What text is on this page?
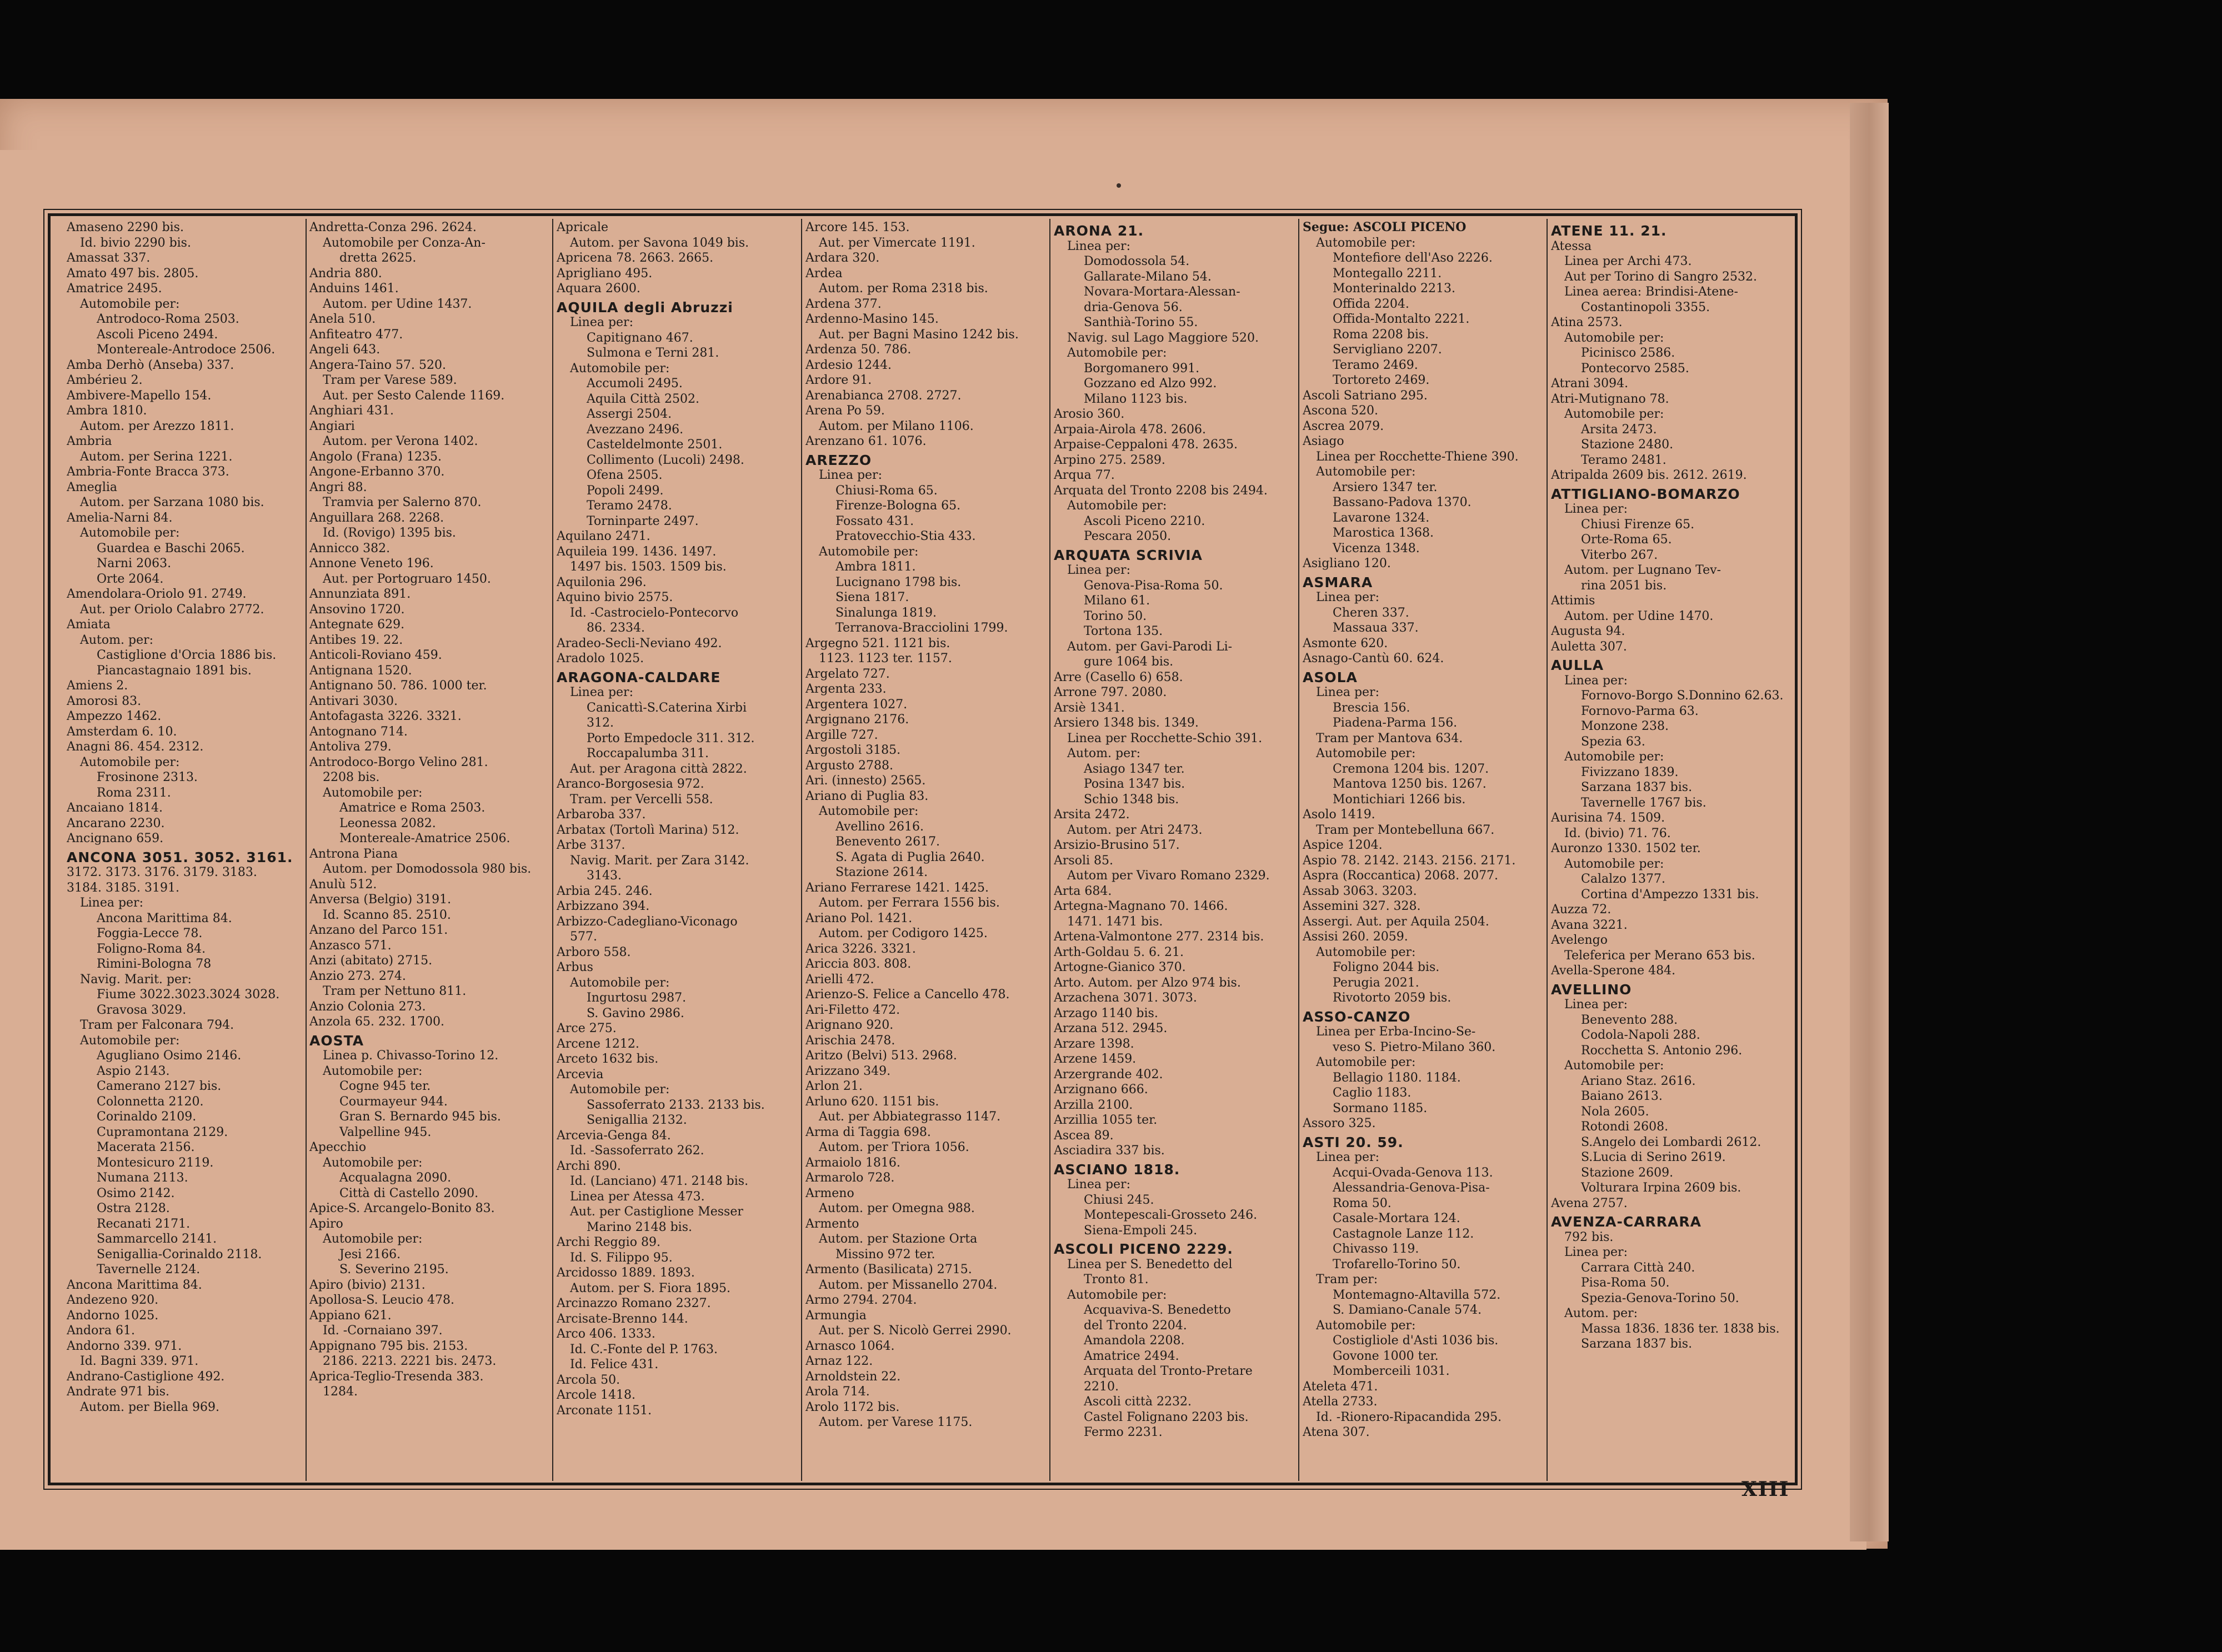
Amaseno 2290 bis.
Id. bivio 2290 bis.
Amassat 337.
Amato 497 bis. 2805.
Amatrice 2495.
Automobile per:
Antrodoco-Roma 2503.
Ascoli Piceno 2494.
Montereale-Antrodoce 2506.
Amba Derhò (Anseba) 337.
Ambérieu 2.
Ambivere-Mapello 154.
Ambra 1810.
Autom. per Arezzo 1811.
Ambria
Autom. per Serina 1221.
Ambria-Fonte Bracca 373.
Ameglia
Autom. per Sarzana 1080 bis.
Amelia-Narni 84.
Automobile per:
Guardea e Baschi 2065.
Narni 2063.
Orte 2064.
Amendolara-Oriolo 91. 2749.
Aut. per Oriolo Calabro 2772.
Amiata
Autom. per:
Castiglione d'Orcia 1886 bis.
Piancastagnaio 1891 bis.
Amiens 2.
Amorosi 83.
Ampezzo 1462.
Amsterdam 6. 10.
Anagni 86. 454. 2312.
Automobile per:
Frosinone 2313.
Roma 2311.
Ancaiano 1814.
Ancarano 2230.
Ancignano 659.
ANCONA 3051. 3052. 3161.
3172. 3173. 3176. 3179. 3183.
3184. 3185. 3191.
Linea per:
Ancona Marittima 84.
Foggia-Lecce 78.
Foligno-Roma 84.
Rimini-Bologna 78
Navig. Marit. per:
Fiume 3022.3023.3024 3028.
Gravosa 3029.
Tram per Falconara 794.
Automobile per:
Agugliano Osimo 2146.
Aspio 2143.
Camerano 2127 bis.
Colonnetta 2120.
Corinaldo 2109.
Cupramontana 2129.
Macerata 2156.
Montesicuro 2119.
Numana 2113.
Osimo 2142.
Ostra 2128.
Recanati 2171.
Sammarcello 2141.
Senigallia-Corinaldo 2118.
Tavernelle 2124.
Ancona Marittima 84.
Andezeno 920.
Andorno 1025.
Andora 61.
Andorno 339. 971.
Id. Bagni 339. 971.
Andrano-Castiglione 492.
Andrate 971 bis.
Autom. per Biella 969.
Andretta-Conza 296. 2624.
Automobile per Conza-An-
dretta 2625.
Andria 880.
Anduins 1461.
Autom. per Udine 1437.
Anela 510.
Anfiteatro 477.
Angeli 643.
Angera-Taino 57. 520.
Tram per Varese 589.
Aut. per Sesto Calende 1169.
Anghiari 431.
Angiari
Autom. per Verona 1402.
Angolo (Frana) 1235.
Angone-Erbanno 370.
Angri 88.
Tramvia per Salerno 870.
Anguillara 268. 2268.
Id. (Rovigo) 1395 bis.
Annicco 382.
Annone Veneto 196.
Aut. per Portogruaro 1450.
Annunziata 891.
Ansovino 1720.
Antegnate 629.
Antibes 19. 22.
Anticoli-Roviano 459.
Antignana 1520.
Antignano 50. 786. 1000 ter.
Antivari 3030.
Antofagasta 3226. 3321.
Antognano 714.
Antoliva 279.
Antrodoco-Borgo Velino 281.
2208 bis.
Automobile per:
Amatrice e Roma 2503.
Leonessa 2082.
Montereale-Amatrice 2506.
Antrona Piana
Autom. per Domodossola 980 bis.
Anulù 512.
Anversa (Belgio) 3191.
Id. Scanno 85. 2510.
Anzano del Parco 151.
Anzasco 571.
Anzi (abitato) 2715.
Anzio 273. 274.
Tram per Nettuno 811.
Anzio Colonia 273.
Anzola 65. 232. 1700.
AOSTA
Linea p. Chivasso-Torino 12.
Automobile per:
Cogne 945 ter.
Courmayeur 944.
Gran S. Bernardo 945 bis.
Valpelline 945.
Apecchio
Automobile per:
Acqualagna 2090.
Città di Castello 2090.
Apice-S. Arcangelo-Bonito 83.
Apiro
Automobile per:
Jesi 2166.
S. Severino 2195.
Apiro (bivio) 2131.
Apollosa-S. Leucio 478.
Appiano 621.
Id. -Cornaiano 397.
Appignano 795 bis. 2153.
2186. 2213. 2221 bis. 2473.
Aprica-Teglio-Tresenda 383.
1284.
Apricale
Autom. per Savona 1049 bis.
Apricena 78. 2663. 2665.
Aprigliano 495.
Aquara 2600.
AQUILA degli Abruzzi
Linea per:
Capitignano 467.
Sulmona e Terni 281.
Automobile per:
Accumoli 2495.
Aquila Città 2502.
Assergi 2504.
Avezzano 2496.
Casteldelmonte 2501.
Collimento (Lucoli) 2498.
Ofena 2505.
Popoli 2499.
Teramo 2478.
Torninparte 2497.
Aquilano 2471.
Aquileia 199. 1436. 1497.
1497 bis. 1503. 1509 bis.
Aquilonia 296.
Aquino bivio 2575.
Id. -Castrocielo-Pontecorvo
86. 2334.
Aradeo-Secli-Neviano 492.
Aradolo 1025.
ARAGONA-CALDARE
Linea per:
Canicattì-S.Caterina Xirbi
312.
Porto Empedocle 311. 312.
Roccapalumba 311.
Aut. per Aragona città 2822.
Aranco-Borgosesia 972.
Tram. per Vercelli 558.
Arbaroba 337.
Arbatax (Tortolì Marina) 512.
Arbe 3137.
Navig. Marit. per Zara 3142.
3143.
Arbia 245. 246.
Arbizzano 394.
Arbizzo-Cadegliano-Viconago
577.
Arboro 558.
Arbus
Automobile per:
Ingurtosu 2987.
S. Gavino 2986.
Arce 275.
Arcene 1212.
Arceto 1632 bis.
Arcevia
Automobile per:
Sassoferrato 2133. 2133 bis.
Senigallia 2132.
Arcevia-Genga 84.
Id. -Sassoferrato 262.
Archi 890.
Id. (Lanciano) 471. 2148 bis.
Linea per Atessa 473.
Aut. per Castiglione Messer
Marino 2148 bis.
Archi Reggio 89.
Id. S. Filippo 95.
Arcidosso 1889. 1893.
Autom. per S. Fiora 1895.
Arcinazzo Romano 2327.
Arcisate-Brenno 144.
Arco 406. 1333.
Id. C.-Fonte del P. 1763.
Id. Felice 431.
Arcola 50.
Arcole 1418.
Arconate 1151.
Arcore 145. 153.
Aut. per Vimercate 1191.
Ardara 320.
Ardea
Autom. per Roma 2318 bis.
Ardena 377.
Ardenno-Masino 145.
Aut. per Bagni Masino 1242 bis.
Ardenza 50. 786.
Ardesio 1244.
Ardore 91.
Arenabianca 2708. 2727.
Arena Po 59.
Autom. per Milano 1106.
Arenzano 61. 1076.
AREZZO
Linea per:
Chiusi-Roma 65.
Firenze-Bologna 65.
Fossato 431.
Pratovecchio-Stia 433.
Automobile per:
Ambra 1811.
Lucignano 1798 bis.
Siena 1817.
Sinalunga 1819.
Terranova-Bracciolini 1799.
Argegno 521. 1121 bis.
1123. 1123 ter. 1157.
Argelato 727.
Argenta 233.
Argentera 1027.
Argignano 2176.
Argille 727.
Argostoli 3185.
Argusto 2788.
Ari. (innesto) 2565.
Ariano di Puglia 83.
Automobile per:
Avellino 2616.
Benevento 2617.
S. Agata di Puglia 2640.
Stazione 2614.
Ariano Ferrarese 1421. 1425.
Autom. per Ferrara 1556 bis.
Ariano Pol. 1421.
Autom. per Codigoro 1425.
Arica 3226. 3321.
Ariccia 803. 808.
Arielli 472.
Arienzo-S. Felice a Cancello 478.
Ari-Filetto 472.
Arignano 920.
Arischia 2478.
Aritzo (Belvi) 513. 2968.
Arizzano 349.
Arlon 21.
Arluno 620. 1151 bis.
Aut. per Abbiategrasso 1147.
Arma di Taggia 698.
Autom. per Triora 1056.
Armaiolo 1816.
Armarolo 728.
Armeno
Autom. per Omegna 988.
Armento
Autom. per Stazione Orta
Missino 972 ter.
Armento (Basilicata) 2715.
Autom. per Missanello 2704.
Armo 2794. 2704.
Armungia
Aut. per S. Nicolò Gerrei 2990.
Arnasco 1064.
Arnaz 122.
Arnoldstein 22.
Arola 714.
Arolo 1172 bis.
Autom. per Varese 1175.
ARONA 21.
Linea per:
Domodossola 54.
Gallarate-Milano 54.
Novara-Mortara-Alessan-
dria-Genova 56.
Santhià-Torino 55.
Navig. sul Lago Maggiore 520.
Automobile per:
Borgomanero 991.
Gozzano ed Alzo 992.
Milano 1123 bis.
Arosio 360.
Arpaia-Airola 478. 2606.
Arpaise-Ceppaloni 478. 2635.
Arpino 275. 2589.
Arqua 77.
Arquata del Tronto 2208 bis 2494.
Automobile per:
Ascoli Piceno 2210.
Pescara 2050.
ARQUATA SCRIVIA
Linea per:
Genova-Pisa-Roma 50.
Milano 61.
Torino 50.
Tortona 135.
Autom. per Gavi-Parodi Li-
gure 1064 bis.
Arre (Casello 6) 658.
Arrone 797. 2080.
Arsiè 1341.
Arsiero 1348 bis. 1349.
Linea per Rocchette-Schio 391.
Autom. per:
Asiago 1347 ter.
Posina 1347 bis.
Schio 1348 bis.
Arsita 2472.
Autom. per Atri 2473.
Arsizio-Brusino 517.
Arsoli 85.
Autom per Vivaro Romano 2329.
Arta 684.
Artegna-Magnano 70. 1466.
1471. 1471 bis.
Artena-Valmontone 277. 2314 bis.
Arth-Goldau 5. 6. 21.
Artogne-Gianico 370.
Arto. Autom. per Alzo 974 bis.
Arzachena 3071. 3073.
Arzago 1140 bis.
Arzana 512. 2945.
Arzare 1398.
Arzene 1459.
Arzergrande 402.
Arzignano 666.
Arzilla 2100.
Arzillia 1055 ter.
Ascea 89.
Asciadira 337 bis.
ASCIANO 1818.
Linea per:
Chiusi 245.
Montepescali-Grosseto 246.
Siena-Empoli 245.
ASCOLI PICENO 2229.
Linea per S. Benedetto del
Tronto 81.
Automobile per:
Acquaviva-S. Benedetto
del Tronto 2204.
Amandola 2208.
Amatrice 2494.
Arquata del Tronto-Pretare
2210.
Ascoli città 2232.
Castel Folignano 2203 bis.
Fermo 2231.
Segue: ASCOLI PICENO
Automobile per:
Montefiore dell'Aso 2226.
Montegallo 2211.
Monterinaldo 2213.
Offida 2204.
Offida-Montalto 2221.
Roma 2208 bis.
Servigliano 2207.
Teramo 2469.
Tortoreto 2469.
Ascoli Satriano 295.
Ascona 520.
Ascrea 2079.
Asiago
Linea per Rocchette-Thiene 390.
Automobile per:
Arsiero 1347 ter.
Bassano-Padova 1370.
Lavarone 1324.
Marostica 1368.
Vicenza 1348.
Asigliano 120.
ASMARA
Linea per:
Cheren 337.
Massaua 337.
Asmonte 620.
Asnago-Cantù 60. 624.
ASOLA
Linea per:
Brescia 156.
Piadena-Parma 156.
Tram per Mantova 634.
Automobile per:
Cremona 1204 bis. 1207.
Mantova 1250 bis. 1267.
Montichiari 1266 bis.
Asolo 1419.
Tram per Montebelluna 667.
Aspice 1204.
Aspio 78. 2142. 2143. 2156. 2171.
Aspra (Roccantica) 2068. 2077.
Assab 3063. 3203.
Assemini 327. 328.
Assergi. Aut. per Aquila 2504.
Assisi 260. 2059.
Automobile per:
Foligno 2044 bis.
Perugia 2021.
Rivotorto 2059 bis.
ASSO-CANZO
Linea per Erba-Incino-Se-
veso S. Pietro-Milano 360.
Automobile per:
Bellagio 1180. 1184.
Caglio 1183.
Sormano 1185.
Assoro 325.
ASTI 20. 59.
Linea per:
Acqui-Ovada-Genova 113.
Alessandria-Genova-Pisa-
Roma 50.
Casale-Mortara 124.
Castagnole Lanze 112.
Chivasso 119.
Trofarello-Torino 50.
Tram per:
Montemagno-Altavilla 572.
S. Damiano-Canale 574.
Automobile per:
Costigliole d'Asti 1036 bis.
Govone 1000 ter.
Momberceili 1031.
Ateleta 471.
Atella 2733.
Id. -Rionero-Ripacandida 295.
Atena 307.
ATENE 11. 21.
Atessa
Linea per Archi 473.
Aut per Torino di Sangro 2532.
Linea aerea: Brindisi-Atene-
Costantinopoli 3355.
Atina 2573.
Automobile per:
Picinisco 2586.
Pontecorvo 2585.
Atrani 3094.
Atri-Mutignano 78.
Automobile per:
Arsita 2473.
Stazione 2480.
Teramo 2481.
Atripalda 2609 bis. 2612. 2619.
ATTIGLIANO-BOMARZO
Linea per:
Chiusi Firenze 65.
Orte-Roma 65.
Viterbo 267.
Autom. per Lugnano Tev-
rina 2051 bis.
Attimis
Autom. per Udine 1470.
Augusta 94.
Auletta 307.
AULLA
Linea per:
Fornovo-Borgo S.Donnino 62.63.
Fornovo-Parma 63.
Monzone 238.
Spezia 63.
Automobile per:
Fivizzano 1839.
Sarzana 1837 bis.
Tavernelle 1767 bis.
Aurisina 74. 1509.
Id. (bivio) 71. 76.
Auronzo 1330. 1502 ter.
Automobile per:
Calalzo 1377.
Cortina d'Ampezzo 1331 bis.
Auzza 72.
Avana 3221.
Avelengo
Teleferica per Merano 653 bis.
Avella-Sperone 484.
AVELLINO
Linea per:
Benevento 288.
Codola-Napoli 288.
Rocchetta S. Antonio 296.
Automobile per:
Ariano Staz. 2616.
Baiano 2613.
Nola 2605.
Rotondi 2608.
S.Angelo dei Lombardi 2612.
S.Lucia di Serino 2619.
Stazione 2609.
Volturara Irpina 2609 bis.
Avena 2757.
AVENZA-CARRARA
792 bis.
Linea per:
Carrara Città 240.
Pisa-Roma 50.
Spezia-Genova-Torino 50.
Autom. per:
Massa 1836. 1836 ter. 1838 bis.
Sarzana 1837 bis.
XIII
